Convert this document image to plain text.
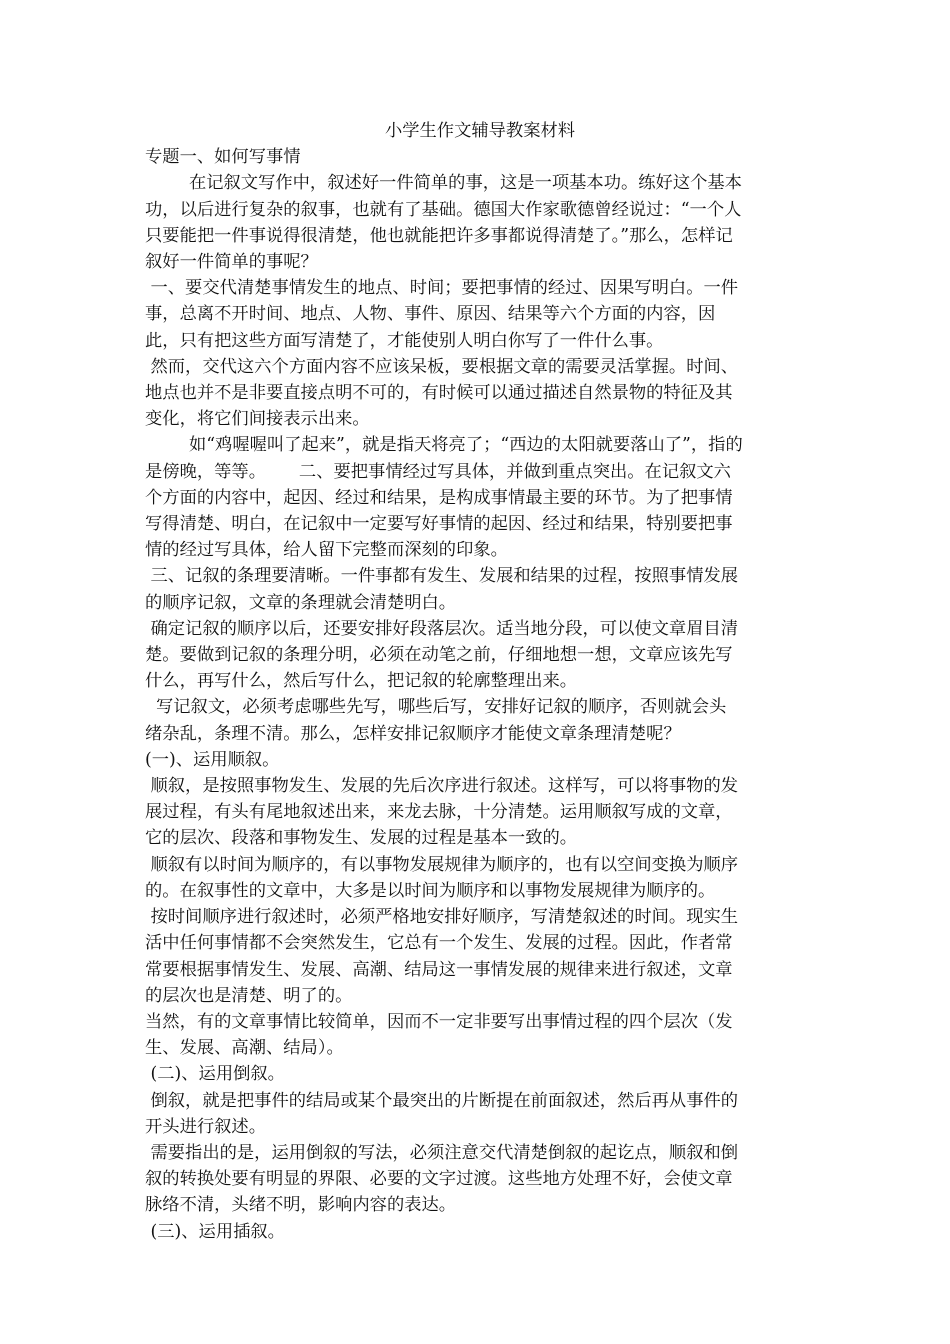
小学生作文辅导教案材料

专题一、如何写事情

在记叙文写作中，叙述好一件简单的事，这是一项基本功。练好这个基本

功，以后进行复杂的叙事，也就有了基础。德国大作家歌德曾经说过：“一个人

只要能把一件事说得很清楚，他也就能把许多事都说得清楚了。”那么，怎样记

叙好一件简单的事呢？

一、要交代清楚事情发生的地点、时间；要把事情的经过、因果写明白。一件

事，总离不开时间、地点、人物、事件、原因、结果等六个方面的内容，因

此，只有把这些方面写清楚了，才能使别人明白你写了一件什么事。

然而，交代这六个方面内容不应该呆板，要根据文章的需要灵活掌握。时间、

地点也并不是非要直接点明不可的，有时候可以通过描述自然景物的特征及其

变化，将它们间接表示出来。

如“鸡喔喔叫了起来”，就是指天将亮了；“西边的太阳就要落山了”，指的

是傍晚，等等。      二、要把事情经过写具体，并做到重点突出。在记叙文六

个方面的内容中，起因、经过和结果，是构成事情最主要的环节。为了把事情

写得清楚、明白，在记叙中一定要写好事情的起因、经过和结果，特别要把事

情的经过写具体，给人留下完整而深刻的印象。

三、记叙的条理要清晰。一件事都有发生、发展和结果的过程，按照事情发展

的顺序记叙，文章的条理就会清楚明白。

确定记叙的顺序以后，还要安排好段落层次。适当地分段，可以使文章眉目清

楚。要做到记叙的条理分明，必须在动笔之前，仔细地想一想，文章应该先写

什么，再写什么，然后写什么，把记叙的轮廓整理出来。

写记叙文，必须考虑哪些先写，哪些后写，安排好记叙的顺序，否则就会头

绪杂乱，条理不清。那么，怎样安排记叙顺序才能使文章条理清楚呢？

(一)、运用顺叙。

顺叙，是按照事物发生、发展的先后次序进行叙述。这样写，可以将事物的发

展过程，有头有尾地叙述出来，来龙去脉，十分清楚。运用顺叙写成的文章，

它的层次、段落和事物发生、发展的过程是基本一致的。

顺叙有以时间为顺序的，有以事物发展规律为顺序的，也有以空间变换为顺序

的。在叙事性的文章中，大多是以时间为顺序和以事物发展规律为顺序的。

按时间顺序进行叙述时，必须严格地安排好顺序，写清楚叙述的时间。现实生

活中任何事情都不会突然发生，它总有一个发生、发展的过程。因此，作者常

常要根据事情发生、发展、高潮、结局这一事情发展的规律来进行叙述，文章

的层次也是清楚、明了的。

当然，有的文章事情比较简单，因而不一定非要写出事情过程的四个层次（发

生、发展、高潮、结局）。

(二)、运用倒叙。

倒叙，就是把事件的结局或某个最突出的片断提在前面叙述，然后再从事件的

开头进行叙述。

需要指出的是，运用倒叙的写法，必须注意交代清楚倒叙的起讫点，顺叙和倒

叙的转换处要有明显的界限、必要的文字过渡。这些地方处理不好，会使文章

脉络不清，头绪不明，影响内容的表达。

(三)、运用插叙。
